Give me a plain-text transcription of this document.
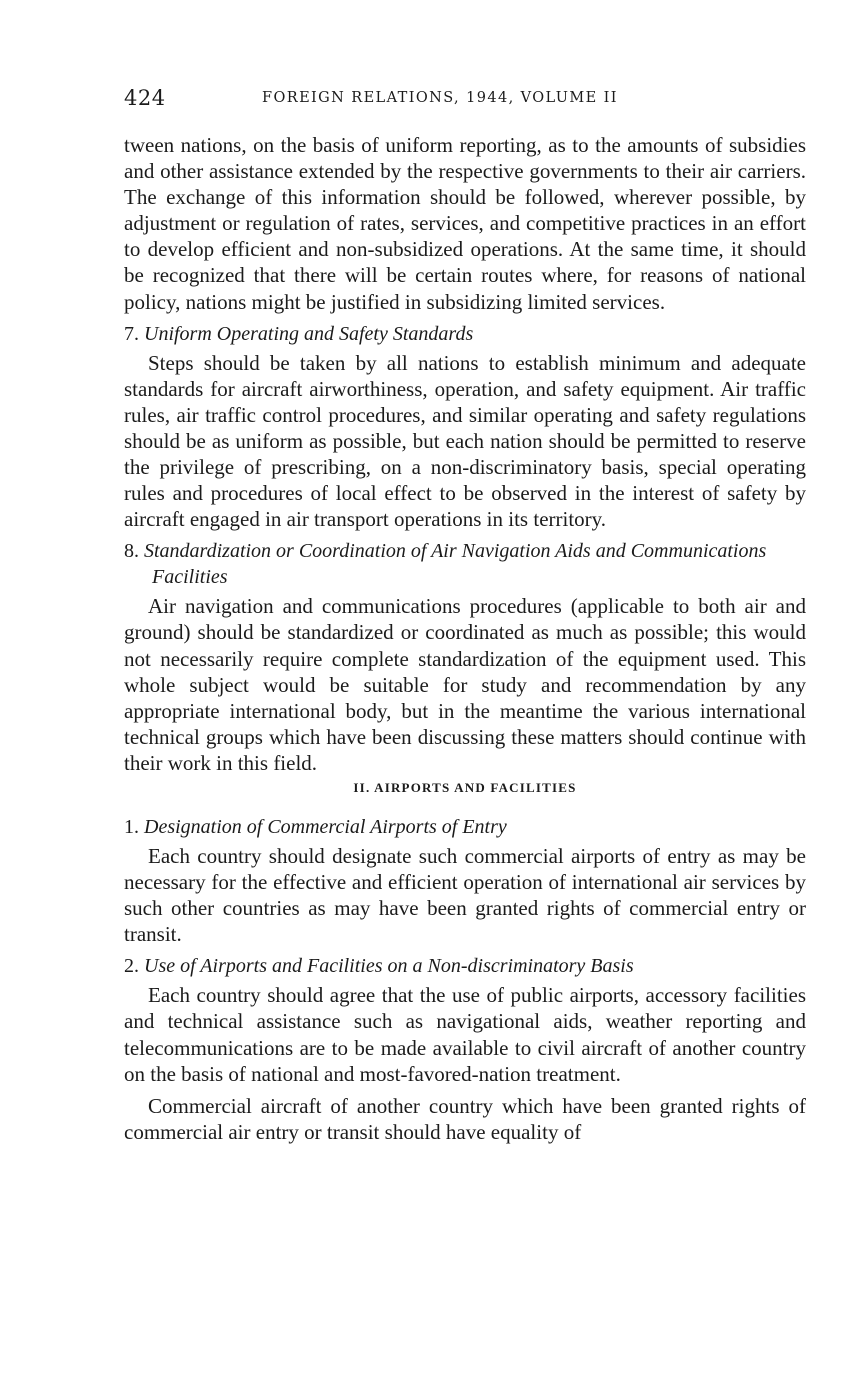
424	FOREIGN RELATIONS, 1944, VOLUME II

tween nations, on the basis of uniform reporting, as to the amounts of subsidies and other assistance extended by the respective governments to their air carriers. The exchange of this information should be followed, wherever possible, by adjustment or regulation of rates, services, and competitive practices in an effort to develop efficient and non-subsidized operations. At the same time, it should be recognized that there will be certain routes where, for reasons of national policy, nations might be justified in subsidizing limited services.

7. Uniform Operating and Safety Standards

Steps should be taken by all nations to establish minimum and adequate standards for aircraft airworthiness, operation, and safety equipment. Air traffic rules, air traffic control procedures, and similar operating and safety regulations should be as uniform as possible, but each nation should be permitted to reserve the privilege of prescribing, on a non-discriminatory basis, special operating rules and procedures of local effect to be observed in the interest of safety by aircraft engaged in air transport operations in its territory.

8. Standardization or Coordination of Air Navigation Aids and Communications Facilities

Air navigation and communications procedures (applicable to both air and ground) should be standardized or coordinated as much as possible; this would not necessarily require complete standardization of the equipment used. This whole subject would be suitable for study and recommendation by any appropriate international body, but in the meantime the various international technical groups which have been discussing these matters should continue with their work in this field.

II. AIRPORTS AND FACILITIES
1. Designation of Commercial Airports of Entry

Each country should designate such commercial airports of entry as may be necessary for the effective and efficient operation of international air services by such other countries as may have been granted rights of commercial entry or transit.

2. Use of Airports and Facilities on a Non-discriminatory Basis

Each country should agree that the use of public airports, accessory facilities and technical assistance such as navigational aids, weather reporting and telecommunications are to be made available to civil aircraft of another country on the basis of national and most-favored-nation treatment.

Commercial aircraft of another country which have been granted rights of commercial air entry or transit should have equality of
